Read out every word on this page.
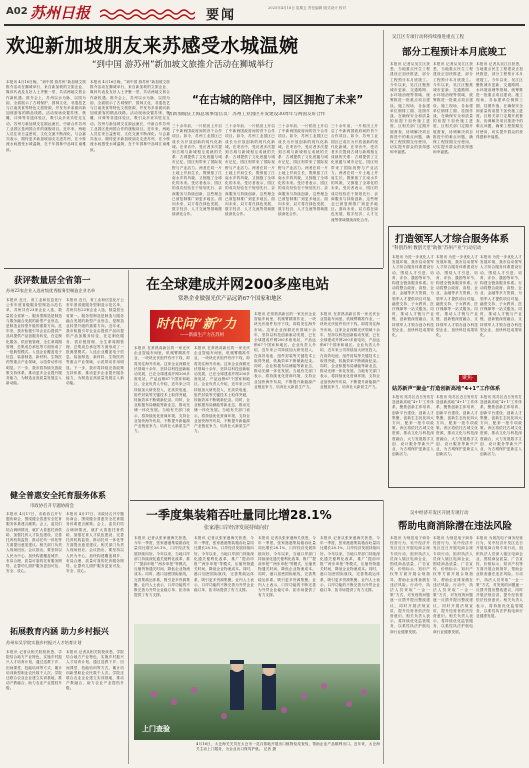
A02 苏州日报	要闻	2025年4月18日 星期五 责任编辑 版式设计 校对
欢迎新加坡朋友来苏感受水城温婉
“到中国 游苏州”新加坡文旅推介活动在狮城举行
本报讯 4月16日晚，“到中国 游苏州”新加坡文旅推介活动在狮城举行，来自新加坡的文旅企业、媒体代表及友好人士齐聚一堂，共话两地文旅合作新机遇。推介会上，苏州以水为脉、以园为韵，全面展示了古城保护、园林文化、非遗技艺与江南美食等特色文旅资源，并发布多条面向新加坡游客的精品线路。活动现场设置苏绣、核雕、评弹等非遗体验区，吸引众多来宾驻足互动。苏州与新加坡交往源远流长，中新合作苏州工业园区是两国合作的旗舰项目。近年来，两地人员往来日益密切，文化交流不断深化。与会嘉宾表示，期待更多新加坡朋友走进苏州，在小桥流水间感受水城温婉，在千年园林中品味江南雅致。
本报讯 4月16日晚，“到中国 游苏州”新加坡文旅推介活动在狮城举行，来自新加坡的文旅企业、媒体代表及友好人士齐聚一堂，共话两地文旅合作新机遇。推介会上，苏州以水为脉、以园为韵，全面展示了古城保护、园林文化、非遗技艺与江南美食等特色文旅资源，并发布多条面向新加坡游客的精品线路。活动现场设置苏绣、核雕、评弹等非遗体验区，吸引众多来宾驻足互动。苏州与新加坡交往源远流长，中新合作苏州工业园区是两国合作的旗舰项目。近年来，两地人员往来日益密切，文化交流不断深化。与会嘉宾表示，期待更多新加坡朋友走进苏州，在小桥流水间感受水城温婉，在千年园林中品味江南雅致。
“在古城的陪伴中，园区拥抱了未来”
访新加坡驻上海总领事馆官员：苏州工业园区开发建设30周年与两国友好合作
三十余年前，一片稻田上开启了中新两国政府间的首个合作项目。如今，苏州工业园区已成长为开放创新的现代化新城。在采访中，受访者多次提到古城与新城相互成就的关系：古城提供了文化底蕴与城市记忆，园区则带来了国际视野与产业活力。两者在同一片土地上并肩生长，既保留了江南水乡的风貌，又拥抱了全球化的未来。受访者表示，园区的成功经验在于规划先行、亲商服务与持续创新，这些理念已被复制推广到更多地区。面向未来，双方将在绿色发展、数字经济、人才交流等领域继续深化合作。
三十余年前，一片稻田上开启了中新两国政府间的首个合作项目。如今，苏州工业园区已成长为开放创新的现代化新城。在采访中，受访者多次提到古城与新城相互成就的关系：古城提供了文化底蕴与城市记忆，园区则带来了国际视野与产业活力。两者在同一片土地上并肩生长，既保留了江南水乡的风貌，又拥抱了全球化的未来。受访者表示，园区的成功经验在于规划先行、亲商服务与持续创新，这些理念已被复制推广到更多地区。面向未来，双方将在绿色发展、数字经济、人才交流等领域继续深化合作。
三十余年前，一片稻田上开启了中新两国政府间的首个合作项目。如今，苏州工业园区已成长为开放创新的现代化新城。在采访中，受访者多次提到古城与新城相互成就的关系：古城提供了文化底蕴与城市记忆，园区则带来了国际视野与产业活力。两者在同一片土地上并肩生长，既保留了江南水乡的风貌，又拥抱了全球化的未来。受访者表示，园区的成功经验在于规划先行、亲商服务与持续创新，这些理念已被复制推广到更多地区。面向未来，双方将在绿色发展、数字经济、人才交流等领域继续深化合作。
三十余年前，一片稻田上开启了中新两国政府间的首个合作项目。如今，苏州工业园区已成长为开放创新的现代化新城。在采访中，受访者多次提到古城与新城相互成就的关系：古城提供了文化底蕴与城市记忆，园区则带来了国际视野与产业活力。两者在同一片土地上并肩生长，既保留了江南水乡的风貌，又拥抱了全球化的未来。受访者表示，园区的成功经验在于规划先行、亲商服务与持续创新，这些理念已被复制推广到更多地区。面向未来，双方将在绿色发展、数字经济、人才交流等领域继续深化合作。
吴江区专项行动将持续推进重点工程
部分工程预计本月底竣工
本报讯 记者从吴江区获悉，当地重点民生工程建设正加快推进，部分工程预计本月底竣工。今年以来，吴江区聚焦城市更新、交通路网、水环境治理等领域，统筹推进一批重点项目建设。施工现场，各参建单位倒排工期、挂图作战，在确保安全和质量的前提下加快施工进度。区相关部门定期开展督查，协调解决项目推进中的难点问题，确保工程按期交付使用，切实提升群众的获得感和幸福感。
本报讯 记者从吴江区获悉，当地重点民生工程建设正加快推进，部分工程预计本月底竣工。今年以来，吴江区聚焦城市更新、交通路网、水环境治理等领域，统筹推进一批重点项目建设。施工现场，各参建单位倒排工期、挂图作战，在确保安全和质量的前提下加快施工进度。区相关部门定期开展督查，协调解决项目推进中的难点问题，确保工程按期交付使用，切实提升群众的获得感和幸福感。
本报讯 记者从吴江区获悉，当地重点民生工程建设正加快推进，部分工程预计本月底竣工。今年以来，吴江区聚焦城市更新、交通路网、水环境治理等领域，统筹推进一批重点项目建设。施工现场，各参建单位倒排工期、挂图作战，在确保安全和质量的前提下加快施工进度。区相关部门定期开展督查，协调解决项目推进中的难点问题，确保工程按期交付使用，切实提升群众的获得感和幸福感。
打造领军人才综合服务体系
“科创苏州 数创天堂”助推“苏州产业”行动启动
本报讯 为进一步优化人才发展环境，我市启动领军人才综合服务体系建设行动，围绕人才引进、培育、评价、激励等环节，构建全链条服务体系。行动将整合政府、高校、企业、金融等多方资源，为领军人才提供项目对接、融资支持、子女教育、医疗保障等一站式服务。同时，推动人才链与产业链、创新链深度融合，支持领军人才领办创办科技型企业，加快科技成果转化。
本报讯 为进一步优化人才发展环境，我市启动领军人才综合服务体系建设行动，围绕人才引进、培育、评价、激励等环节，构建全链条服务体系。行动将整合政府、高校、企业、金融等多方资源，为领军人才提供项目对接、融资支持、子女教育、医疗保障等一站式服务。同时，推动人才链与产业链、创新链深度融合，支持领军人才领办创办科技型企业，加快科技成果转化。
本报讯 为进一步优化人才发展环境，我市启动领军人才综合服务体系建设行动，围绕人才引进、培育、评价、激励等环节，构建全链条服务体系。行动将整合政府、高校、企业、金融等多方资源，为领军人才提供项目对接、融资支持、子女教育、医疗保障等一站式服务。同时，推动人才链与产业链、创新链深度融合，支持领军人才领办创办科技型企业，加快科技成果转化。
聚焦·
姑苏新声“聚金”打造创新高地“4+1”工作体系
本报讯 姑苏区近日发布打造创新高地“4+1”工作体系，聚焦创新主体培育、创新平台建设、创新人才集聚、创新生态优化四大方向，配套一批专项政策。该区将依托古城文化资源，推动文化与科技深度融合，大力发展数字文创、设计服务等新兴产业，为古城保护更新注入创新活力。
本报讯 姑苏区近日发布打造创新高地“4+1”工作体系，聚焦创新主体培育、创新平台建设、创新人才集聚、创新生态优化四大方向，配套一批专项政策。该区将依托古城文化资源，推动文化与科技深度融合，大力发展数字文创、设计服务等新兴产业，为古城保护更新注入创新活力。
本报讯 姑苏区近日发布打造创新高地“4+1”工作体系，聚焦创新主体培育、创新平台建设、创新人才集聚、创新生态优化四大方向，配套一批专项政策。该区将依托古城文化资源，推动文化与科技深度融合，大力发展数字文创、设计服务等新兴产业，为古城保护更新注入创新活力。
吴中经济开发区开展专项行动
帮助电商消除潜在违法风险
本报讯 为规范电子商务经营行为，吴中经济开发区近日开展电商合规专项行动，组织执法人员深入辖区电商企业，围绕商品质量、广告宣传、价格标示、知识产权等方面开展合规指导，帮助企业排查潜在违法风险。行动中，执法人员采取“一企一策”方式，对发现的问题逐一反馈并提出整改建议，同时开展法规宣讲，提升经营者依法经营意识。相关负责人表示，将持续优化监管服务，以柔性执法护航电商行业健康发展。
本报讯 为规范电子商务经营行为，吴中经济开发区近日开展电商合规专项行动，组织执法人员深入辖区电商企业，围绕商品质量、广告宣传、价格标示、知识产权等方面开展合规指导，帮助企业排查潜在违法风险。行动中，执法人员采取“一企一策”方式，对发现的问题逐一反馈并提出整改建议，同时开展法规宣讲，提升经营者依法经营意识。相关负责人表示，将持续优化监管服务，以柔性执法护航电商行业健康发展。
本报讯 为规范电子商务经营行为，吴中经济开发区近日开展电商合规专项行动，组织执法人员深入辖区电商企业，围绕商品质量、广告宣传、价格标示、知识产权等方面开展合规指导，帮助企业排查潜在违法风险。行动中，执法人员采取“一企一策”方式，对发现的问题逐一反馈并提出整改建议，同时开展法规宣讲，提升经营者依法经营意识。相关负责人表示，将持续优化监管服务，以柔性执法护航电商行业健康发展。
获评数量居全省第一
苏州23家企业入选省级优秀服务型制造企业名单
本报讯 近日，省工业和信息化厅公布年度省级服务型制造示范名单，苏州共有23家企业入选，数量居全省第一。服务型制造是制造与服务融合发展的新型产业形态，是制造业转型升级的重要方向。近年来，我市积极引导企业由提供产品向提供产品加服务转变，在定制化服务、供应链管理、全生命周期管理、总集成总承包等方面形成了一批典型模式。入选企业覆盖电子信息、装备制造、新材料、生物医药等重点产业领域，示范带动作用明显。下一步，我市将持续完善政策支持体系，推动更多企业提升服务能力，为制造业高质量发展注入新动能。
本报讯 近日，省工业和信息化厅公布年度省级服务型制造示范名单，苏州共有23家企业入选，数量居全省第一。服务型制造是制造与服务融合发展的新型产业形态，是制造业转型升级的重要方向。近年来，我市积极引导企业由提供产品向提供产品加服务转变，在定制化服务、供应链管理、全生命周期管理、总集成总承包等方面形成了一批典型模式。入选企业覆盖电子信息、装备制造、新材料、生物医药等重点产业领域，示范带动作用明显。下一步，我市将持续完善政策支持体系，推动更多企业提升服务能力，为制造业高质量发展注入新动能。
健全普惠安全托育服务体系
市政协召开专题协商会
本报讯 4月17日，市政协召开专题协商会，围绕健全普惠安全托育服务体系建言献策。会上，委员们结合调研情况，就扩大普惠托育供给、加强托育人才队伍建设、完善托育机构监管、推动托幼一体化等方面提出意见建议。相关部门负责人现场回应。会议指出，要坚持以人民为中心，加快构建覆盖城乡、布局合理、质量可靠的托育服务网络，让婴幼儿照护服务更加可及、安全、放心。
本报讯 4月17日，市政协召开专题协商会，围绕健全普惠安全托育服务体系建言献策。会上，委员们结合调研情况，就扩大普惠托育供给、加强托育人才队伍建设、完善托育机构监管、推动托幼一体化等方面提出意见建议。相关部门负责人现场回应。会议指出，要坚持以人民为中心，加快构建覆盖城乡、布局合理、质量可靠的托育服务网络，让婴幼儿照护服务更加可及、安全、放心。
拓展教育内涵 助力乡村振兴
苏州东吴学院实施乡村振兴人才培育计划
本报讯 记者从相关院校获悉，学院结合地方产业特色，实施乡村振兴人才培育计划，通过送教下乡、田间课堂、技能培训等方式，累计培训新型职业农民数千人次。学院还联合农业企业建立实训基地，推动产教融合，助力农业产业提档升级。
本报讯 记者从相关院校获悉，学院结合地方产业特色，实施乡村振兴人才培育计划，通过送教下乡、田间课堂、技能培训等方式，累计培训新型职业农民数千人次。学院还联合农业企业建立实训基地，推动产教融合，助力农业产业提档升级。
在全球建成并网200多座电站
常熟企业做强光伏产品远销67个国家和地区
时代问“新”力
——新质生产力在苏州
本报讯 在常熟高新区的一家光伏企业智能车间里，机械臂精准作业，一块块光伏组件有序下线，即将发往海外市场。这家企业深耕光伏领域十余年，坚持以科技创新驱动发展，已在全球建成并网200多座电站，产品远销67个国家和地区。企业负责人介绍，近年来公司持续加大研发投入，在高效电池、组件封装等关键技术上取得突破，转换效率不断刷新纪录。同时，企业积极布局储能等新业态，推动光储一体化发展。当地有关部门表示，将持续优化营商环境，支持企业加快海外布局，不断提升新能源产业链竞争力，培育壮大新质生产力。
本报讯 在常熟高新区的一家光伏企业智能车间里，机械臂精准作业，一块块光伏组件有序下线，即将发往海外市场。这家企业深耕光伏领域十余年，坚持以科技创新驱动发展，已在全球建成并网200多座电站，产品远销67个国家和地区。企业负责人介绍，近年来公司持续加大研发投入，在高效电池、组件封装等关键技术上取得突破，转换效率不断刷新纪录。同时，企业积极布局储能等新业态，推动光储一体化发展。当地有关部门表示，将持续优化营商环境，支持企业加快海外布局，不断提升新能源产业链竞争力，培育壮大新质生产力。
本报讯 在常熟高新区的一家光伏企业智能车间里，机械臂精准作业，一块块光伏组件有序下线，即将发往海外市场。这家企业深耕光伏领域十余年，坚持以科技创新驱动发展，已在全球建成并网200多座电站，产品远销67个国家和地区。企业负责人介绍，近年来公司持续加大研发投入，在高效电池、组件封装等关键技术上取得突破，转换效率不断刷新纪录。同时，企业积极布局储能等新业态，推动光储一体化发展。当地有关部门表示，将持续优化营商环境，支持企业加快海外布局，不断提升新能源产业链竞争力，培育壮大新质生产力。
本报讯 在常熟高新区的一家光伏企业智能车间里，机械臂精准作业，一块块光伏组件有序下线，即将发往海外市场。这家企业深耕光伏领域十余年，坚持以科技创新驱动发展，已在全球建成并网200多座电站，产品远销67个国家和地区。企业负责人介绍，近年来公司持续加大研发投入，在高效电池、组件封装等关键技术上取得突破，转换效率不断刷新纪录。同时，企业积极布局储能等新业态，推动光储一体化发展。当地有关部门表示，将持续优化营商环境，支持企业加快海外布局，不断提升新能源产业链竞争力，培育壮大新质生产力。
一季度集装箱吞吐量同比增28.1%
张家港口岸经济发展持续向好
本报讯 记者从张家港海关获悉，今年一季度，张家港港集装箱吞吐量同比增长28.1%，口岸经济发展持续向好。今年以来，当地口岸部门持续深化通关便利化改革，推广“提前申报”“两步申报”等模式，压缩货物通关时间，降低企业物流成本。同时，港口加密国际航线，完善集疏运体系，吸引更多货源集聚。业内人士表示，口岸功能的不断完善为外贸企业稳订单、拓市场提供了有力支撑。
本报讯 记者从张家港海关获悉，今年一季度，张家港港集装箱吞吐量同比增长28.1%，口岸经济发展持续向好。今年以来，当地口岸部门持续深化通关便利化改革，推广“提前申报”“两步申报”等模式，压缩货物通关时间，降低企业物流成本。同时，港口加密国际航线，完善集疏运体系，吸引更多货源集聚。业内人士表示，口岸功能的不断完善为外贸企业稳订单、拓市场提供了有力支撑。
本报讯 记者从张家港海关获悉，今年一季度，张家港港集装箱吞吐量同比增长28.1%，口岸经济发展持续向好。今年以来，当地口岸部门持续深化通关便利化改革，推广“提前申报”“两步申报”等模式，压缩货物通关时间，降低企业物流成本。同时，港口加密国际航线，完善集疏运体系，吸引更多货源集聚。业内人士表示，口岸功能的不断完善为外贸企业稳订单、拓市场提供了有力支撑。
本报讯 记者从张家港海关获悉，今年一季度，张家港港集装箱吞吐量同比增长28.1%，口岸经济发展持续向好。今年以来，当地口岸部门持续深化通关便利化改革，推广“提前申报”“两步申报”等模式，压缩货物通关时间，降低企业物流成本。同时，港口加密国际航线，完善集疏运体系，吸引更多货源集聚。业内人士表示，口岸功能的不断完善为外贸企业稳订单、拓市场提供了有力支撑。
上门查验
4月16日，太仓海关关员在太仓市一花卉基地开展出口植物检疫查验，帮助企业产品顺利出口。近年来，太仓海关主动上门服务，为企业出口保驾护航。 记者 摄
